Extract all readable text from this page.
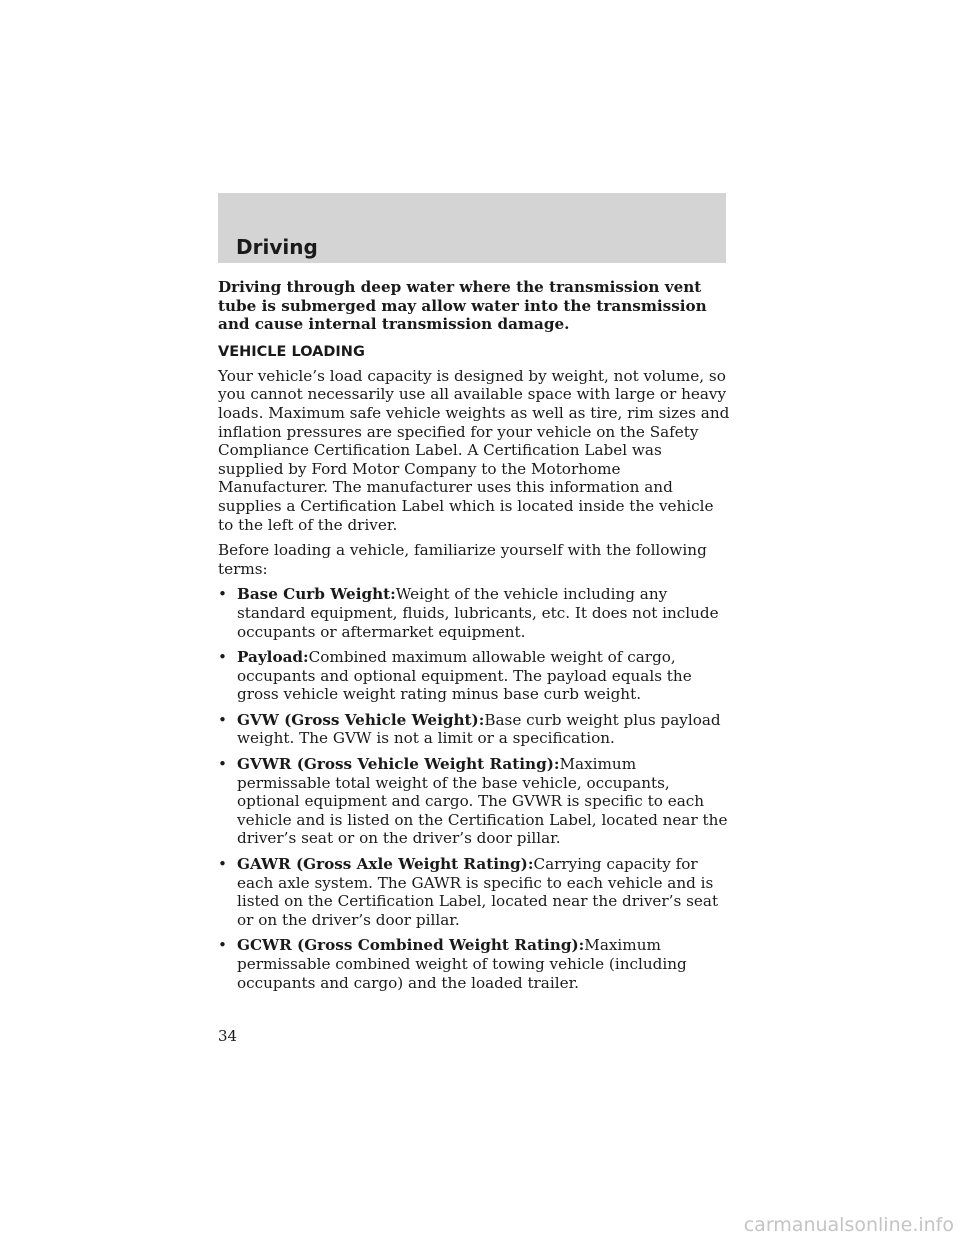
Driving

Driving through deep water where the transmission vent tube is submerged may allow water into the transmission and cause internal transmission damage.

VEHICLE LOADING

Your vehicle’s load capacity is designed by weight, not volume, so you cannot necessarily use all available space with large or heavy loads. Maximum safe vehicle weights as well as tire, rim sizes and inflation pressures are specified for your vehicle on the Safety Compliance Certification Label. A Certification Label was supplied by Ford Motor Company to the Motorhome Manufacturer. The manufacturer uses this information and supplies a Certification Label which is located inside the vehicle to the left of the driver.

Before loading a vehicle, familiarize yourself with the following terms:

• Base Curb Weight:Weight of the vehicle including any standard equipment, fluids, lubricants, etc. It does not include occupants or aftermarket equipment.
• Payload:Combined maximum allowable weight of cargo, occupants and optional equipment. The payload equals the gross vehicle weight rating minus base curb weight.
• GVW (Gross Vehicle Weight):Base curb weight plus payload weight. The GVW is not a limit or a specification.
• GVWR (Gross Vehicle Weight Rating):Maximum permissable total weight of the base vehicle, occupants, optional equipment and cargo. The GVWR is specific to each vehicle and is listed on the Certification Label, located near the driver’s seat or on the driver’s door pillar.
• GAWR (Gross Axle Weight Rating):Carrying capacity for each axle system. The GAWR is specific to each vehicle and is listed on the Certification Label, located near the driver’s seat or on the driver’s door pillar.
• GCWR (Gross Combined Weight Rating):Maximum permissable combined weight of towing vehicle (including occupants and cargo) and the loaded trailer.

34

carmanualsonline.info
